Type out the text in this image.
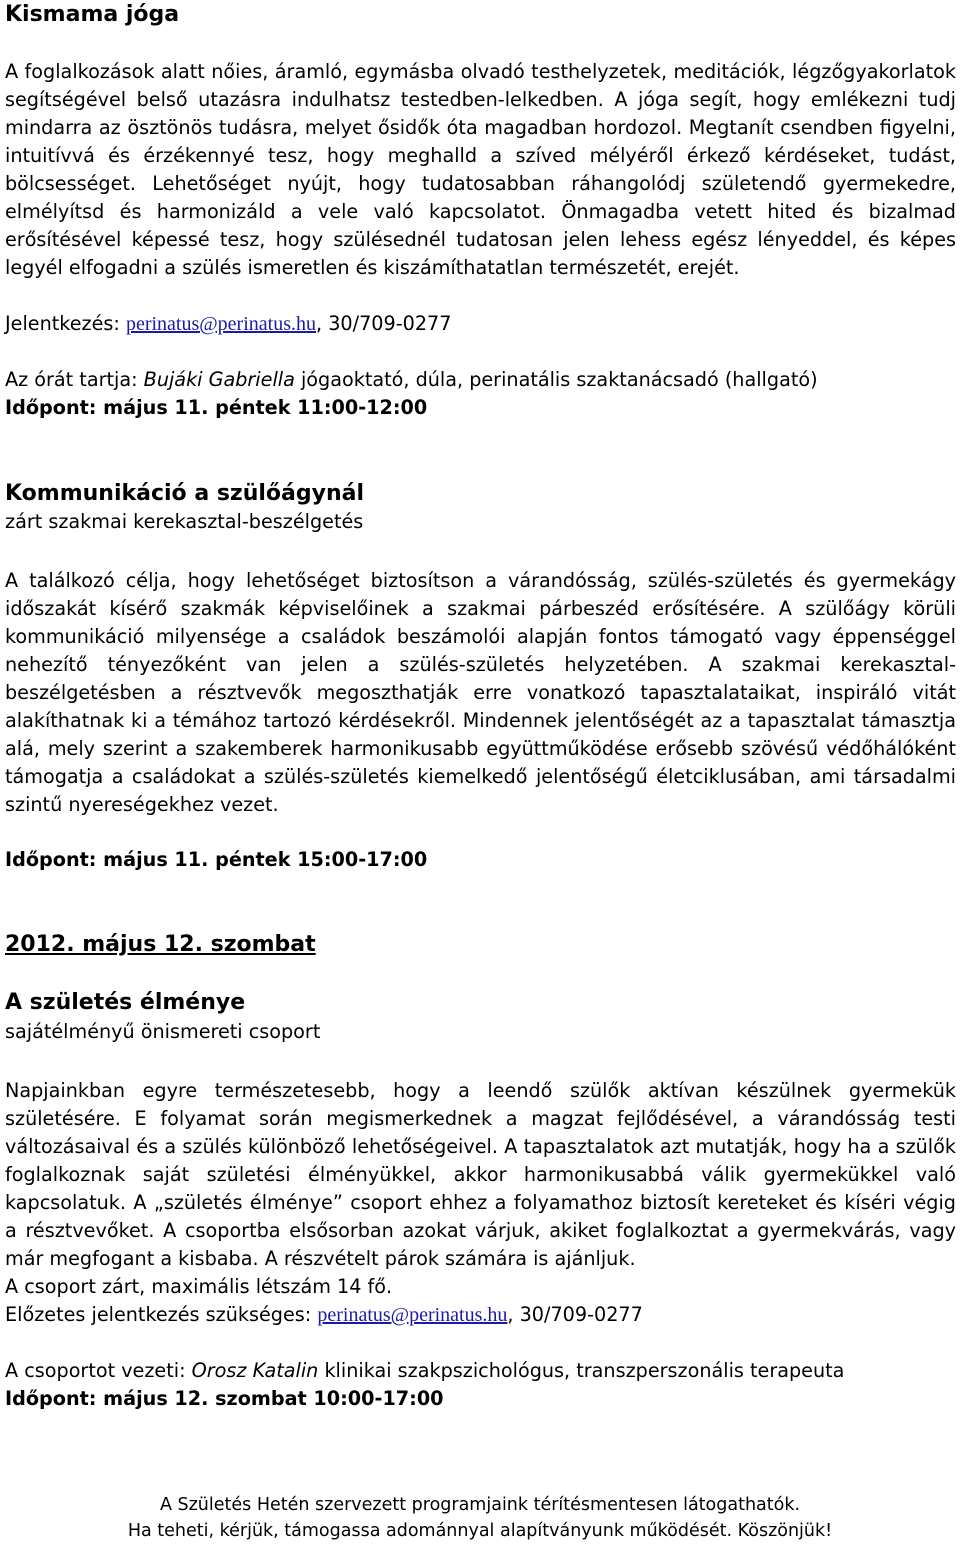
Kismama jóga
A foglalkozások alatt nőies, áramló, egymásba olvadó testhelyzetek, meditációk, légzőgyakorlatok segítségével belső utazásra indulhatsz testedben-lelkedben. A jóga segít, hogy emlékezni tudj mindarra az ösztönös tudásra, melyet ősidők óta magadban hordozol. Megtanít csendben figyelni, intuitívvá és érzékennyé tesz, hogy meghalld a szíved mélyéről érkező kérdéseket, tudást, bölcsességet. Lehetőséget nyújt, hogy tudatosabban ráhangolódj születendő gyermekedre, elmélyítsd és harmonizáld a vele való kapcsolatot. Önmagadba vetett hited és bizalmad erősítésével képessé tesz, hogy szülésednél tudatosan jelen lehess egész lényeddel, és képes legyél elfogadni a szülés ismeretlen és kiszámíthatatlan természetét, erejét.
Jelentkezés: perinatus@perinatus.hu, 30/709-0277
Az órát tartja: Bujáki Gabriella jógaoktató, dúla, perinatális szaktanácsadó (hallgató)
Időpont: május 11. péntek 11:00-12:00
Kommunikáció a szülőágynál
zárt szakmai kerekasztal-beszélgetés
A találkozó célja, hogy lehetőséget biztosítson a várandósság, szülés-születés és gyermekágy időszakát kísérő szakmák képviselőinek a szakmai párbeszéd erősítésére. A szülőágy körüli kommunikáció milyensége a családok beszámolói alapján fontos támogató vagy éppenséggel nehezítő tényezőként van jelen a szülés-születés helyzetében. A szakmai kerekasztal-beszélgetésben a résztvevők megoszthatják erre vonatkozó tapasztalataikat, inspiráló vitát alakíthatnak ki a témához tartozó kérdésekről. Mindennek jelentőségét az a tapasztalat támasztja alá, mely szerint a szakemberek harmonikusabb együttműködése erősebb szövésű védőhálóként támogatja a családokat a szülés-születés kiemelkedő jelentőségű életciklusában, ami társadalmi szintű nyereségekhez vezet.
Időpont: május 11. péntek 15:00-17:00
2012. május 12. szombat
A születés élménye
sajátélményű önismereti csoport
Napjainkban egyre természetesebb, hogy a leendő szülők aktívan készülnek gyermekük születésére. E folyamat során megismerkednek a magzat fejlődésével, a várandósság testi változásaival és a szülés különböző lehetőségeivel. A tapasztalatok azt mutatják, hogy ha a szülők foglalkoznak saját születési élményükkel, akkor harmonikusabbá válik gyermekükkel való kapcsolatuk. A „születés élménye” csoport ehhez a folyamathoz biztosít kereteket és kíséri végig a résztvevőket. A csoportba elsősorban azokat várjuk, akiket foglalkoztat a gyermekvárás, vagy már megfogant a kisbaba. A részvételt párok számára is ajánljuk.
A csoport zárt, maximális létszám 14 fő.
Előzetes jelentkezés szükséges: perinatus@perinatus.hu, 30/709-0277
A csoportot vezeti: Orosz Katalin klinikai szakpszichológus, transzperszonális terapeuta
Időpont: május 12. szombat 10:00-17:00
A Születés Hetén szervezett programjaink térítésmentesen látogathatók.
Ha teheti, kérjük, támogassa adománnyal alapítványunk működését. Köszönjük!
